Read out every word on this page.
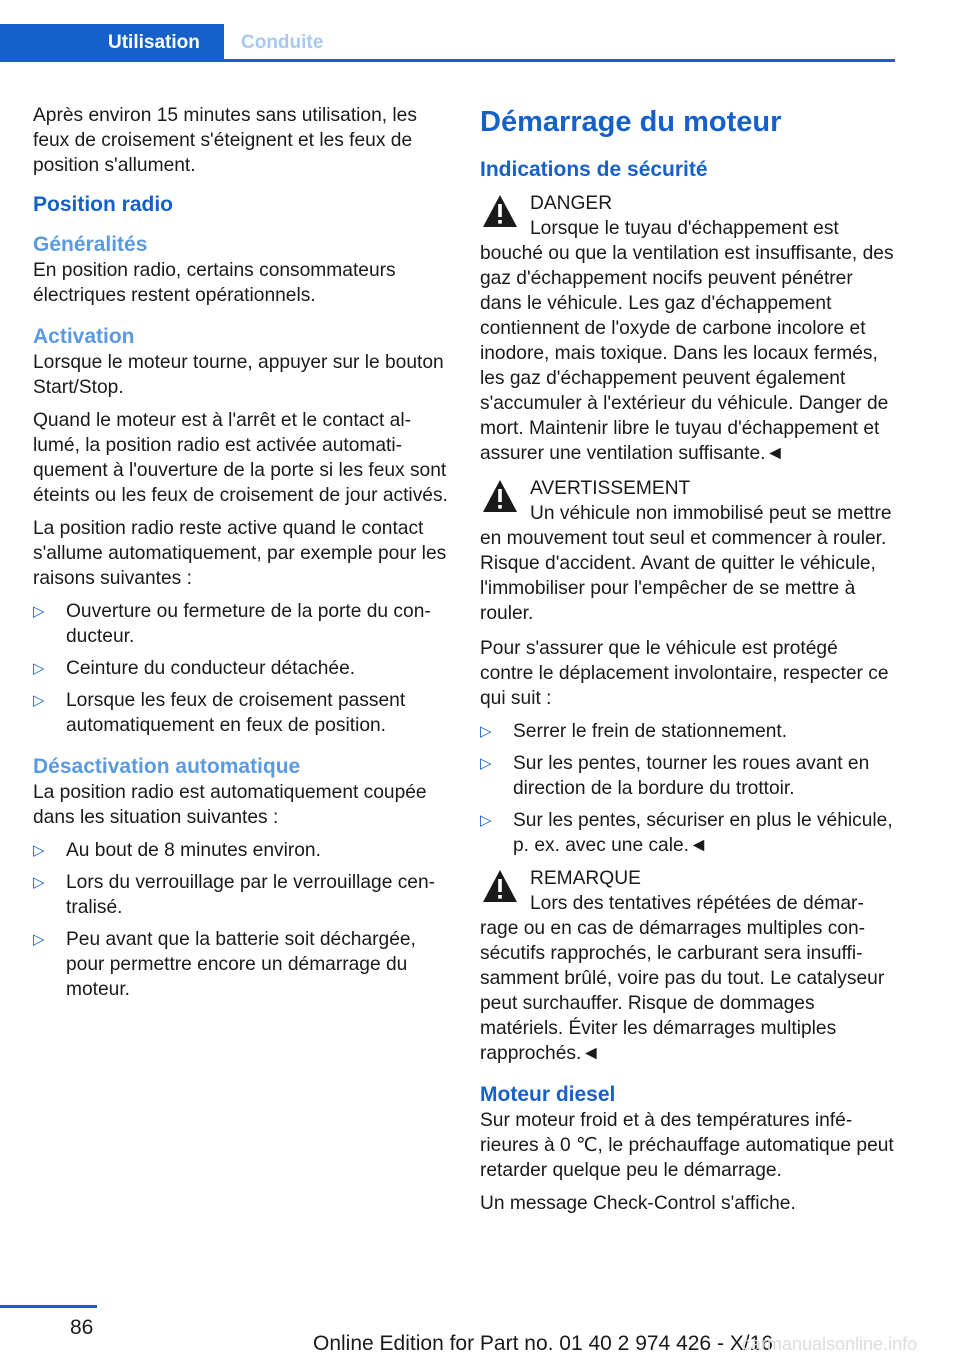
Utilisation	Conduite

Après environ 15 minutes sans utilisation, les feux de croisement s'éteignent et les feux de position s'allument.

Position radio
Généralités

En position radio, certains consommateurs électriques restent opérationnels.

Activation

Lorsque le moteur tourne, appuyer sur le bouton Start/Stop.

Quand le moteur est à l'arrêt et le contact allumé, la position radio est activée automatiquement à l'ouverture de la porte si les feux sont éteints ou les feux de croisement de jour activés.

La position radio reste active quand le contact s'allume automatiquement, par exemple pour les raisons suivantes :

▷ Ouverture ou fermeture de la porte du conducteur.
▷ Ceinture du conducteur détachée.
▷ Lorsque les feux de croisement passent automatiquement en feux de position.
Désactivation automatique

La position radio est automatiquement coupée dans les situation suivantes :

▷ Au bout de 8 minutes environ.
▷ Lors du verrouillage par le verrouillage centralisé.
▷ Peu avant que la batterie soit déchargée, pour permettre encore un démarrage du moteur.
Démarrage du moteur
Indications de sécurité
DANGER

Lorsque le tuyau d'échappement est bouché ou que la ventilation est insuffisante, des gaz d'échappement nocifs peuvent pénétrer dans le véhicule. Les gaz d'échappement contiennent de l'oxyde de carbone incolore et inodore, mais toxique. Dans les locaux fermés, les gaz d'échappement peuvent également s'accumuler à l'extérieur du véhicule. Danger de mort. Maintenir libre le tuyau d'échappement et assurer une ventilation suffisante.◄

AVERTISSEMENT

Un véhicule non immobilisé peut se mettre en mouvement tout seul et commencer à rouler. Risque d'accident. Avant de quitter le véhicule, l'immobiliser pour l'empêcher de se mettre à rouler.

Pour s'assurer que le véhicule est protégé contre le déplacement involontaire, respecter ce qui suit :

▷ Serrer le frein de stationnement.
▷ Sur les pentes, tourner les roues avant en direction de la bordure du trottoir.
▷ Sur les pentes, sécuriser en plus le véhicule, p. ex. avec une cale.◄
REMARQUE

Lors des tentatives répétées de démarrage ou en cas de démarrages multiples consécutifs rapprochés, le carburant sera insuffisamment brûlé, voire pas du tout. Le catalyseur peut surchauffer. Risque de dommages matériels. Éviter les démarrages multiples rapprochés.◄

Moteur diesel

Sur moteur froid et à des températures inférieures à 0 ℃, le préchauffage automatique peut retarder quelque peu le démarrage.

Un message Check-Control s'affiche.

86
Online Edition for Part no. 01 40 2 974 426 - X/16
carmanualsonline.info
